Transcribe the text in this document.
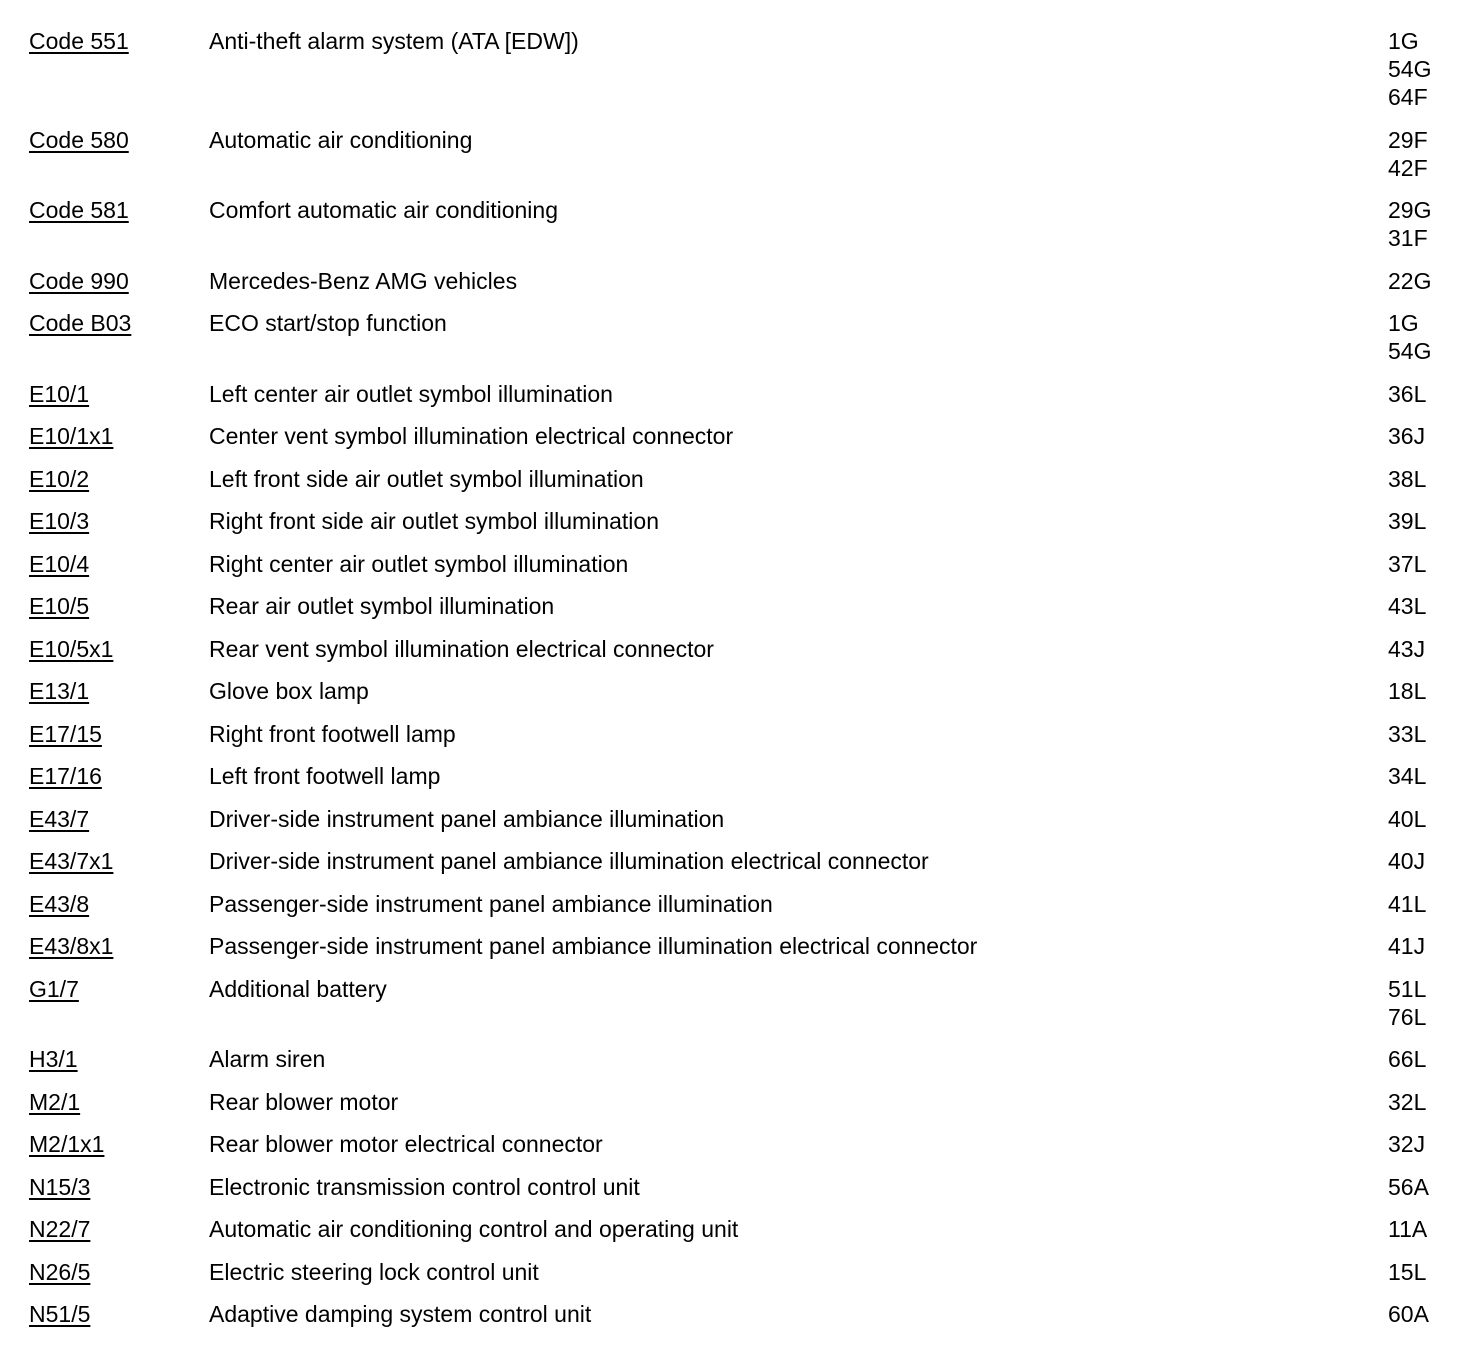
Code 551	Anti-theft alarm system (ATA [EDW])	1G
54G
64F
Code 580	Automatic air conditioning	29F
42F
Code 581	Comfort automatic air conditioning	29G
31F
Code 990	Mercedes-Benz AMG vehicles	22G
Code B03	ECO start/stop function	1G
54G
E10/1	Left center air outlet symbol illumination	36L
E10/1x1	Center vent symbol illumination electrical connector	36J
E10/2	Left front side air outlet symbol illumination	38L
E10/3	Right front side air outlet symbol illumination	39L
E10/4	Right center air outlet symbol illumination	37L
E10/5	Rear air outlet symbol illumination	43L
E10/5x1	Rear vent symbol illumination electrical connector	43J
E13/1	Glove box lamp	18L
E17/15	Right front footwell lamp	33L
E17/16	Left front footwell lamp	34L
E43/7	Driver-side instrument panel ambiance illumination	40L
E43/7x1	Driver-side instrument panel ambiance illumination electrical connector	40J
E43/8	Passenger-side instrument panel ambiance illumination	41L
E43/8x1	Passenger-side instrument panel ambiance illumination electrical connector	41J
G1/7	Additional battery	51L
76L
H3/1	Alarm siren	66L
M2/1	Rear blower motor	32L
M2/1x1	Rear blower motor electrical connector	32J
N15/3	Electronic transmission control control unit	56A
N22/7	Automatic air conditioning control and operating unit	11A
N26/5	Electric steering lock control unit	15L
N51/5	Adaptive damping system control unit	60A
